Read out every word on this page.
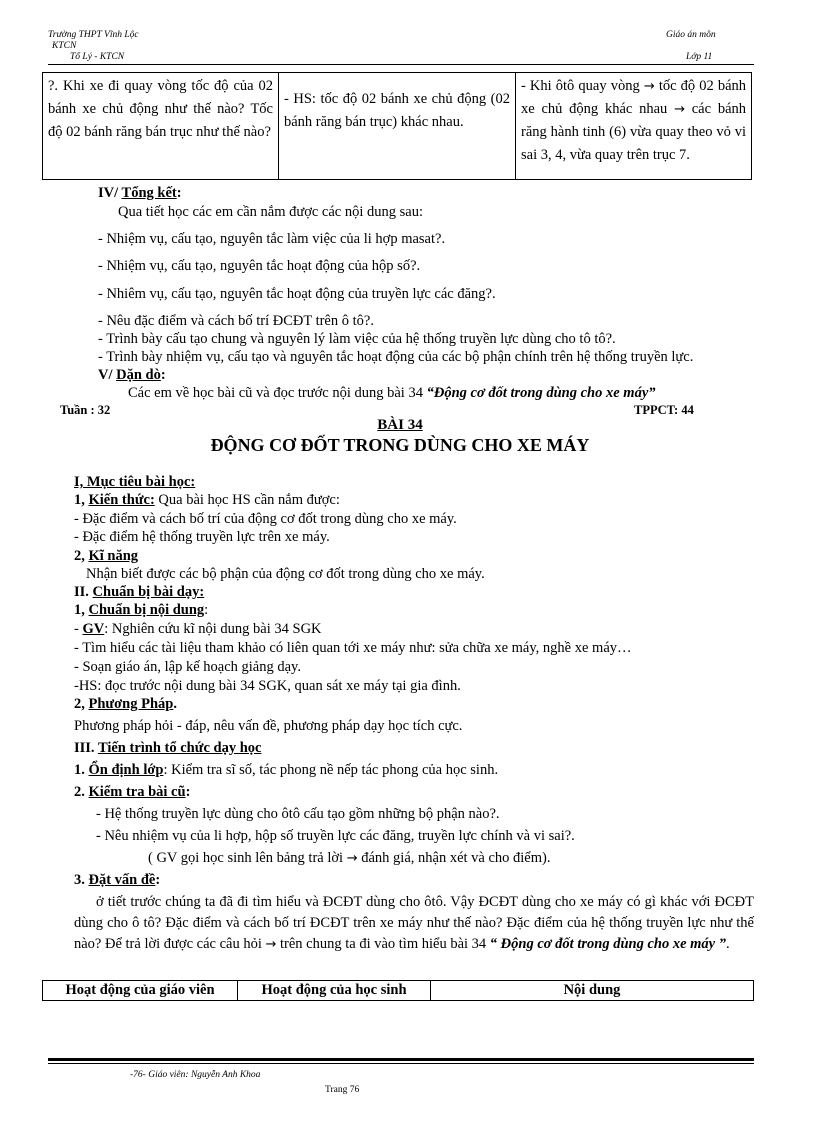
Trường THPT Vĩnh Lộc
KTCN
Tổ Lý - KTCN
Giáo án môn
Lớp 11
?. Khi xe đi quay vòng tốc độ của 02 bánh xe chủ động như thế nào? Tốc độ 02 bánh răng bán trục như thế nào?	- HS: tốc độ 02 bánh xe chủ động (02 bánh răng bán trục) khác nhau.	- Khi ôtô quay vòng → tốc độ 02 bánh xe chủ động khác nhau → các bánh răng hành tinh (6) vừa quay theo vỏ vi sai 3, 4, vừa quay trên trục 7.
IV/ Tổng kết:
Qua tiết học các em cần nắm được các nội dung sau:
- Nhiệm vụ, cấu tạo, nguyên tắc làm việc của li hợp masat?.
- Nhiệm vụ, cấu tạo, nguyên tắc hoạt động của hộp số?.
- Nhiêm vụ, cấu tạo, nguyên tắc hoạt động của truyền lực các đăng?.
- Nêu đặc điểm và cách bố trí ĐCĐT trên ô tô?.
- Trình bày cấu tạo chung và nguyên lý làm việc của hệ thống truyền lực dùng cho tô tô?.
- Trình bày nhiệm vụ, cấu tạo và nguyên tắc hoạt động của các bộ phận chính trên hệ thống truyền lực.
V/ Dặn dò:
Các em về học bài cũ và đọc trước nội dung bài 34 “Động cơ đốt trong dùng cho xe máy”
Tuần : 32	TPPCT: 44
BÀI 34
ĐỘNG CƠ ĐỐT TRONG DÙNG CHO XE MÁY
I, Mục tiêu bài học:
1, Kiến thức: Qua bài học HS cần nắm được:
- Đặc điểm và cách bố trí của động cơ đốt trong dùng cho xe máy.
- Đặc điểm hệ thống truyền lực trên xe máy.
2, Kĩ năng
Nhận biết được các bộ phận của động cơ đốt trong dùng cho xe máy.
II. Chuẩn bị bài dạy:
1, Chuẩn bị nội dung:
- GV: Nghiên cứu kĩ nội dung bài 34 SGK
- Tìm hiểu các tài liệu tham khảo có liên quan tới xe máy như: sửa chữa xe máy, nghề xe máy…
- Soạn giáo án, lập kế hoạch giảng dạy.
-HS: đọc trước nội dung bài 34 SGK, quan sát xe máy tại gia đình.
2, Phương Pháp.
Phương pháp hỏi - đáp, nêu vấn đề, phương pháp dạy học tích cực.
III. Tiến trình tổ chức dạy học
1. Ổn định lớp: Kiểm tra sĩ số, tác phong nề nếp tác phong của học sinh.
2. Kiểm tra bài cũ:
- Hệ thống truyền lực dùng cho ôtô cấu tạo gồm những bộ phận nào?.
- Nêu nhiệm vụ của li hợp, hộp số truyền lực các đăng, truyền lực chính và vi sai?.
( GV gọi học sinh lên bảng trả lời → đánh giá, nhận xét và cho điểm).
3. Đặt vấn đề:
ở tiết trước chúng ta đã đi tìm hiểu và ĐCĐT dùng cho ôtô. Vậy ĐCĐT dùng cho xe máy có gì khác với ĐCĐT dùng cho ô tô? Đặc điểm và cách bố trí ĐCĐT trên xe máy như thế nào? Đặc điểm của hệ thống truyền lực như thế nào? Để trả lời được các câu hỏi → trên chung ta đi vào tìm hiểu bài 34 “ Động cơ đốt trong dùng cho xe máy ”.
Hoạt động của giáo viên	Hoạt động của học sinh	Nội dung
-76- Giáo viên: Nguyễn Anh Khoa
Trang 76
